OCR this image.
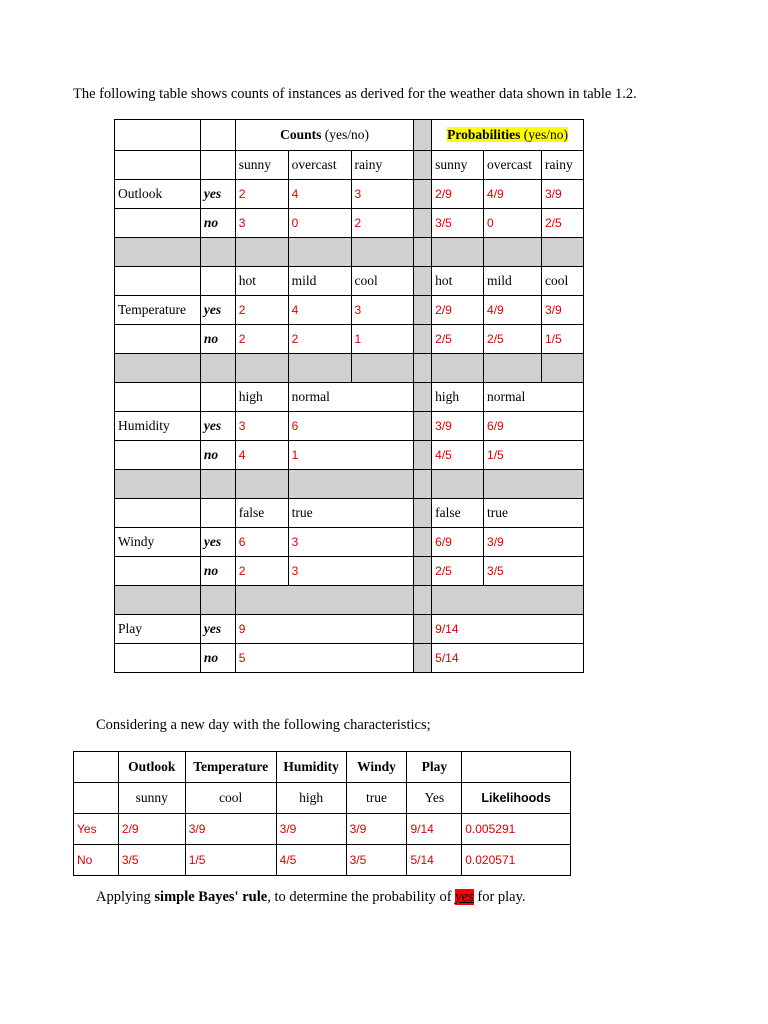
The following table shows counts of instances as derived for the weather data shown in table 1.2.
		Counts (yes/no)				Probabilities (yes/no)		
		sunny	overcast	rainy		sunny	overcast	rainy
Outlook	yes	2	4	3		2/9	4/9	3/9
	no	3	0	2		3/5	0	2/5

		hot	mild	cool		hot	mild	cool
Temperature	yes	2	4	3		2/9	4/9	3/9
	no	2	2	1		2/5	2/5	1/5

		high	normal			high	normal	
Humidity	yes	3	6			3/9	6/9	
	no	4	1			4/5	1/5	

		false	true			false	true	
Windy	yes	6	3			6/9	3/9	
	no	2	3			2/5	3/5	

Play	yes	9				9/14		
	no	5				5/14		
Considering a new day with the following characteristics;
	Outlook	Temperature	Humidity	Windy	Play	
	sunny	cool	high	true	Yes	Likelihoods
Yes	2/9	3/9	3/9	3/9	9/14	0.005291
No	3/5	1/5	4/5	3/5	5/14	0.020571
Applying simple Bayes' rule, to determine the probability of yes for play.
